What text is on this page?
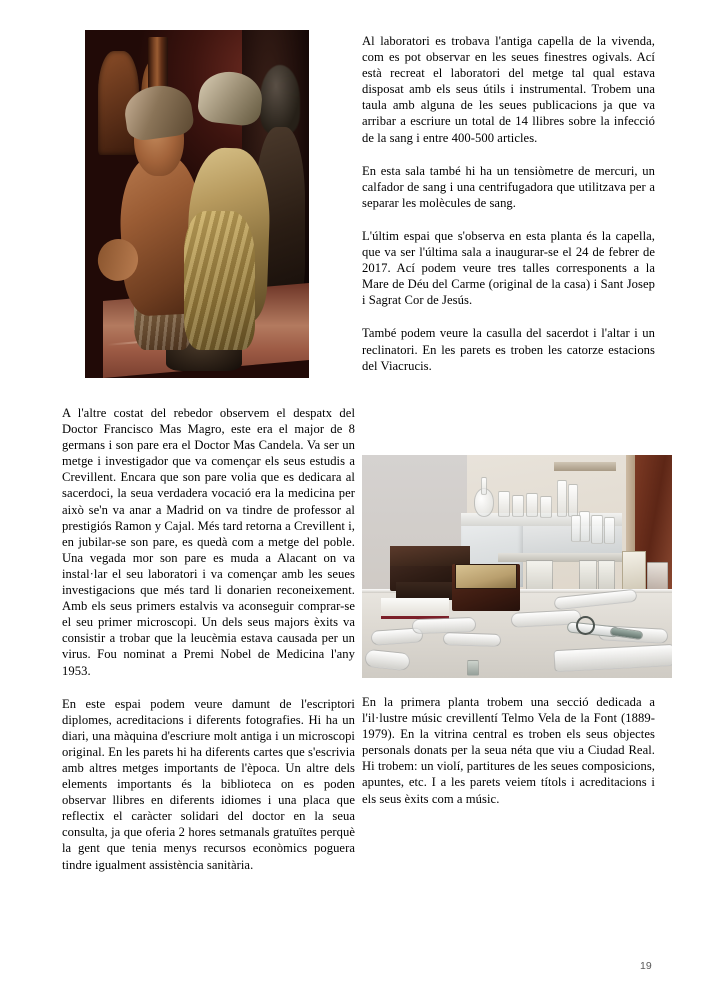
A l'altre costat del rebedor observem el despatx del Doctor Francisco Mas Magro, este era el major de 8 germans i son pare era el Doctor Mas Candela. Va ser un metge i investigador que va començar els seus estudis a Crevillent. Encara que son pare volia que es dedicara al sacerdoci, la seua verdadera vocació era la medicina per això se'n va anar a Madrid on va tindre de professor al prestigiós Ramon y Cajal. Més tard retorna a Crevillent i, en jubilar-se son pare, es quedà com a metge del poble. Una vegada mor son pare es muda a Alacant on va instal·lar el seu laboratori i va començar amb les seues investigacions que més tard li donarien reconeixement. Amb els seus primers estalvis va aconseguir comprar-se el seu primer microscopi. Un dels seus majors èxits va consistir a trobar que la leucèmia estava causada per un virus. Fou nominat a Premi Nobel de Medicina l'any 1953.

En este espai podem veure damunt de l'escriptori diplomes, acreditacions i diferents fotografies. Hi ha un diari, una màquina d'escriure molt antiga i un microscopi original. En les parets hi ha diferents cartes que s'escrivia amb altres metges importants de l'època. Un altre dels elements importants és la biblioteca on es poden observar llibres en diferents idiomes i una placa que reflectix el caràcter solidari del doctor en la seua consulta, ja que oferia 2 hores setmanals gratuïtes perquè la gent que tenia menys recursos econòmics poguera tindre igualment assistència sanitària.

Al laboratori es trobava l'antiga capella de la vivenda, com es pot observar en les seues finestres ogivals. Ací està recreat el laboratori del metge tal qual estava disposat amb els seus útils i instrumental. Trobem una taula amb alguna de les seues publicacions ja que va arribar a escriure un total de 14 llibres sobre la infecció de la sang i entre 400-500 articles.

En esta sala també hi ha un tensiòmetre de mercuri, un calfador de sang i una centrifugadora que utilitzava per a separar les molècules de sang.

L'últim espai que s'observa en esta planta és la capella, que va ser l'última sala a inaugurar-se el 24 de febrer de 2017. Ací podem veure tres talles corresponents a la Mare de Déu del Carme (original de la casa) i Sant Josep i Sagrat Cor de Jesús.

També podem veure la casulla del sacerdot i l'altar i un reclinatori. En les parets es troben les catorze estacions del Viacrucis.

En la primera planta trobem una secció dedicada a l'il·lustre músic crevillentí Telmo Vela de la Font (1889-1979). En la vitrina central es troben els seus objectes personals donats per la seua néta que viu a Ciudad Real. Hi trobem: un violí, partitures de les seues composicions, apuntes, etc. I a les parets veiem títols i acreditacions i els seus èxits com a músic.

19
